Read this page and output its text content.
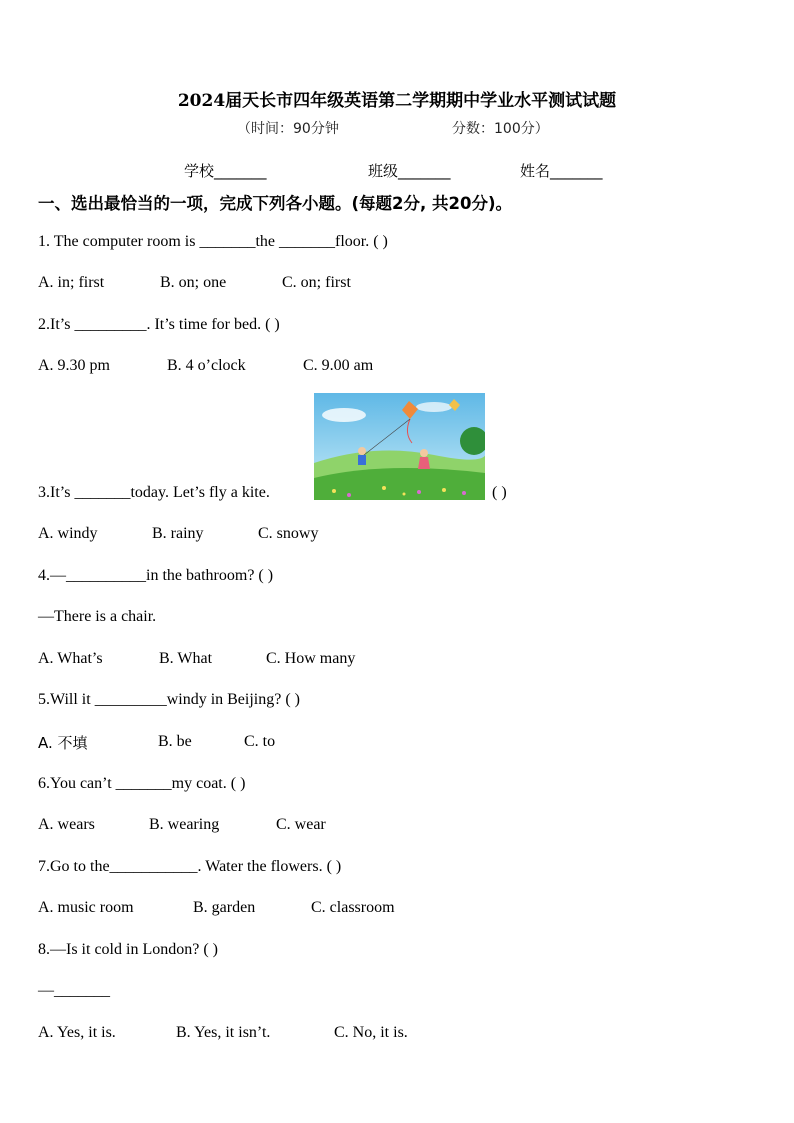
2024届天长市四年级英语第二学期期中学业水平测试试题
（时间：90分钟	分数：100分）
学校_______	班级_______	姓名_______
一、选出最恰当的一项，完成下列各小题。(每题2分, 共20分)。
1. The computer room is _______the _______floor. ( )
A. in; first	B. on; one	C. on; first
2.It’s _________. It’s time for bed. ( )
A. 9.30 pm	B. 4 o’clock	C. 9.00 am
3.It’s _______today. Let’s fly a kite.	( )
A. windy	B. rainy	C. snowy
4.—__________in the bathroom? ( )
—There is a chair.
A. What’s	B. What	C. How many
5.Will it _________windy in Beijing? ( )
A. 不填	B. be	C. to
6.You can’t _______my coat. ( )
A. wears	B. wearing	C. wear
7.Go to the___________. Water the flowers. ( )
A. music room	B. garden	C. classroom
8.—Is it cold in London? ( )
—_______
A. Yes, it is.	B. Yes, it isn’t.	C. No, it is.
